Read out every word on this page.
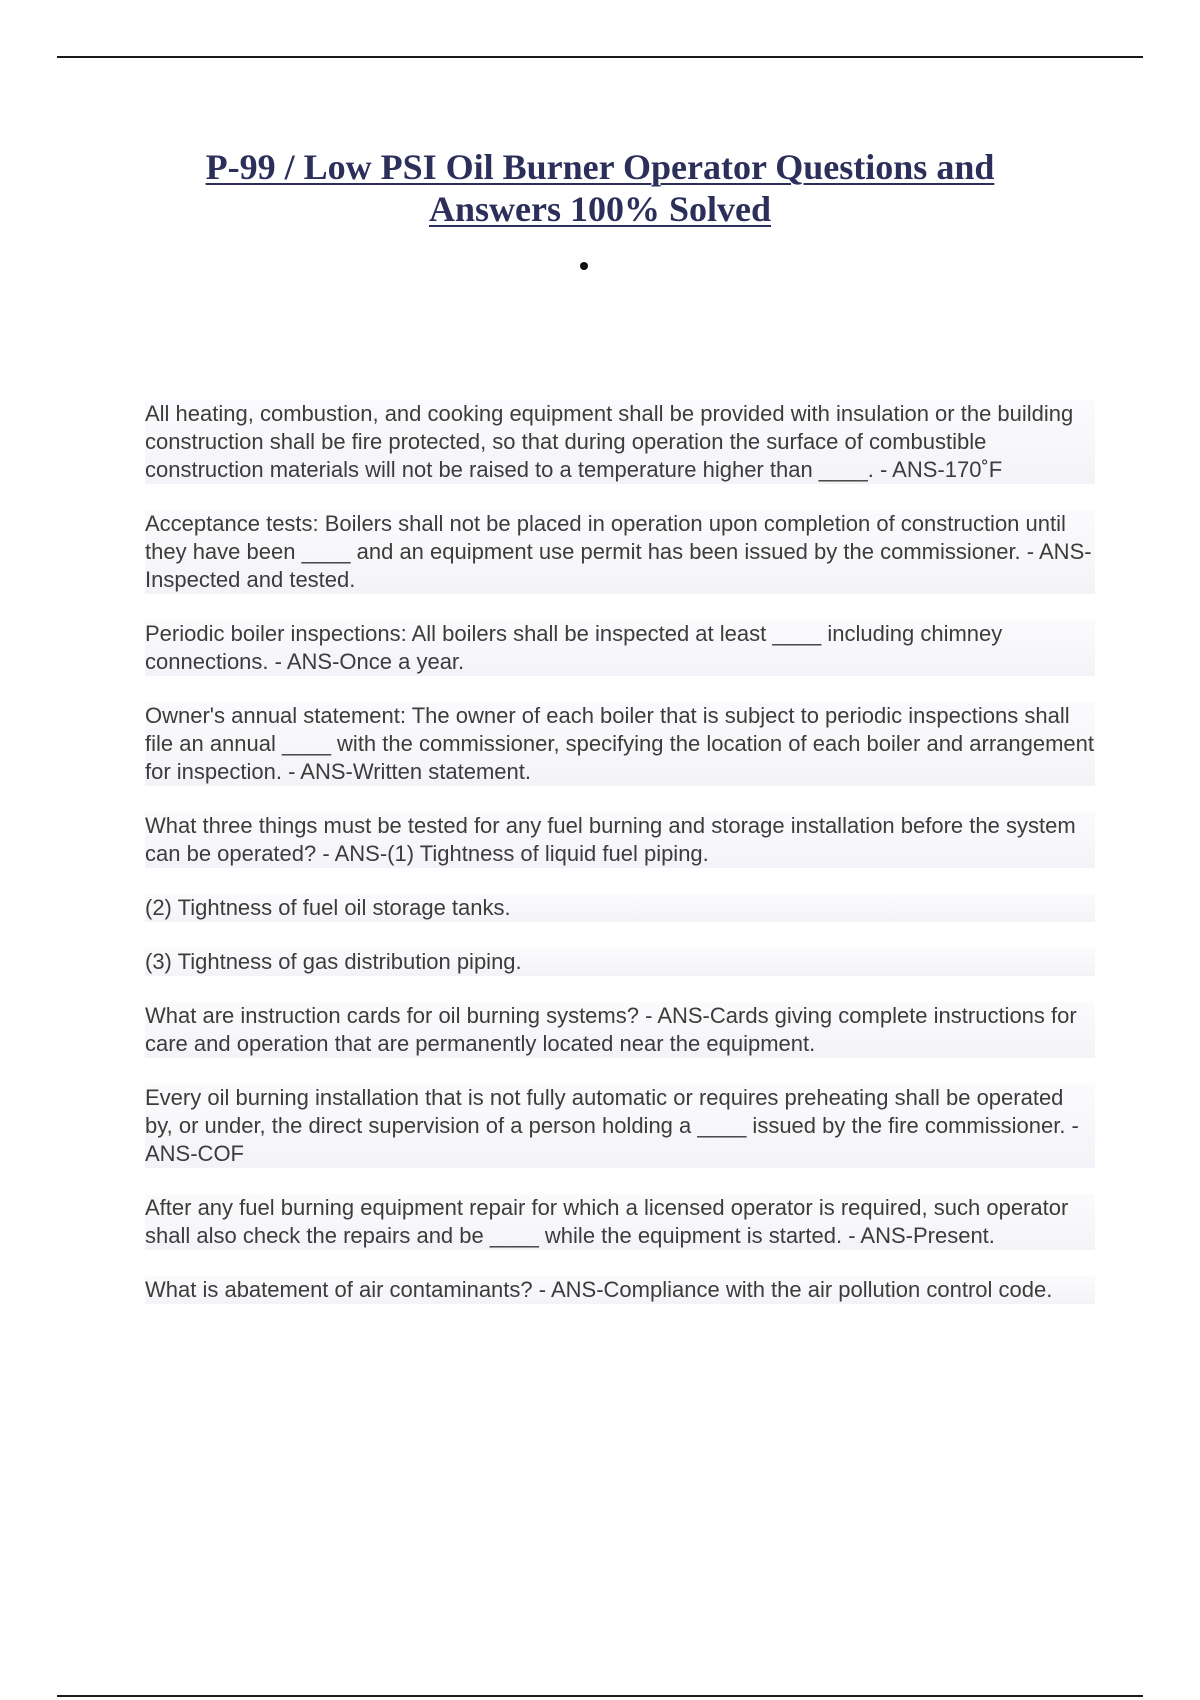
P-99 / Low PSI Oil Burner Operator Questions and Answers 100% Solved
All heating, combustion, and cooking equipment shall be provided with insulation or the building construction shall be fire protected, so that during operation the surface of combustible construction materials will not be raised to a temperature higher than ____. - ANS-170˚F
Acceptance tests: Boilers shall not be placed in operation upon completion of construction until they have been ____ and an equipment use permit has been issued by the commissioner. - ANS-Inspected and tested.
Periodic boiler inspections: All boilers shall be inspected at least ____ including chimney connections. - ANS-Once a year.
Owner's annual statement: The owner of each boiler that is subject to periodic inspections shall file an annual ____ with the commissioner, specifying the location of each boiler and arrangement for inspection. - ANS-Written statement.
What three things must be tested for any fuel burning and storage installation before the system can be operated? - ANS-(1) Tightness of liquid fuel piping.
(2) Tightness of fuel oil storage tanks.
(3) Tightness of gas distribution piping.
What are instruction cards for oil burning systems? - ANS-Cards giving complete instructions for care and operation that are permanently located near the equipment.
Every oil burning installation that is not fully automatic or requires preheating shall be operated by, or under, the direct supervision of a person holding a ____ issued by the fire commissioner. - ANS-COF
After any fuel burning equipment repair for which a licensed operator is required, such operator shall also check the repairs and be ____ while the equipment is started. - ANS-Present.
What is abatement of air contaminants? - ANS-Compliance with the air pollution control code.
